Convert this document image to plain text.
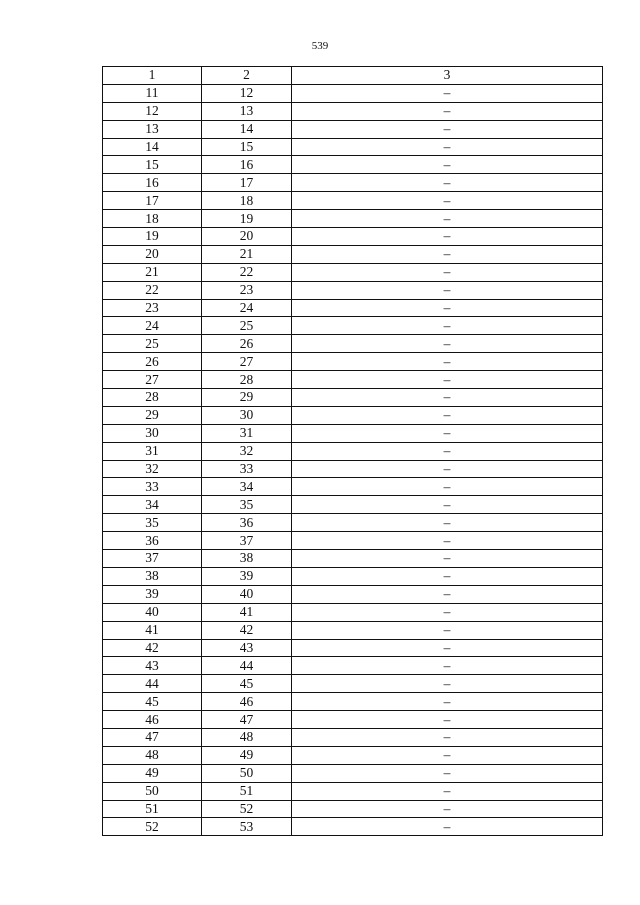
539
1	2	3
11	12	–
12	13	–
13	14	–
14	15	–
15	16	–
16	17	–
17	18	–
18	19	–
19	20	–
20	21	–
21	22	–
22	23	–
23	24	–
24	25	–
25	26	–
26	27	–
27	28	–
28	29	–
29	30	–
30	31	–
31	32	–
32	33	–
33	34	–
34	35	–
35	36	–
36	37	–
37	38	–
38	39	–
39	40	–
40	41	–
41	42	–
42	43	–
43	44	–
44	45	–
45	46	–
46	47	–
47	48	–
48	49	–
49	50	–
50	51	–
51	52	–
52	53	–
